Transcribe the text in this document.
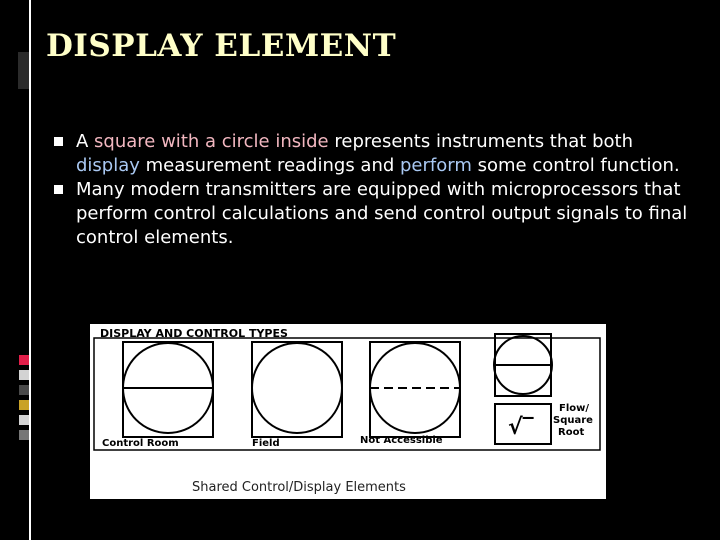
DISPLAY ELEMENT
A square with a circle inside represents instruments that both display measurement readings and perform some control function.
Many modern transmitters are equipped with microprocessors that perform control calculations and send control output signals to final control elements.
DISPLAY AND CONTROL TYPES
Control Room	Field	Not Accessible
√‾
Flow/
Square
Root
Shared Control/Display Elements
